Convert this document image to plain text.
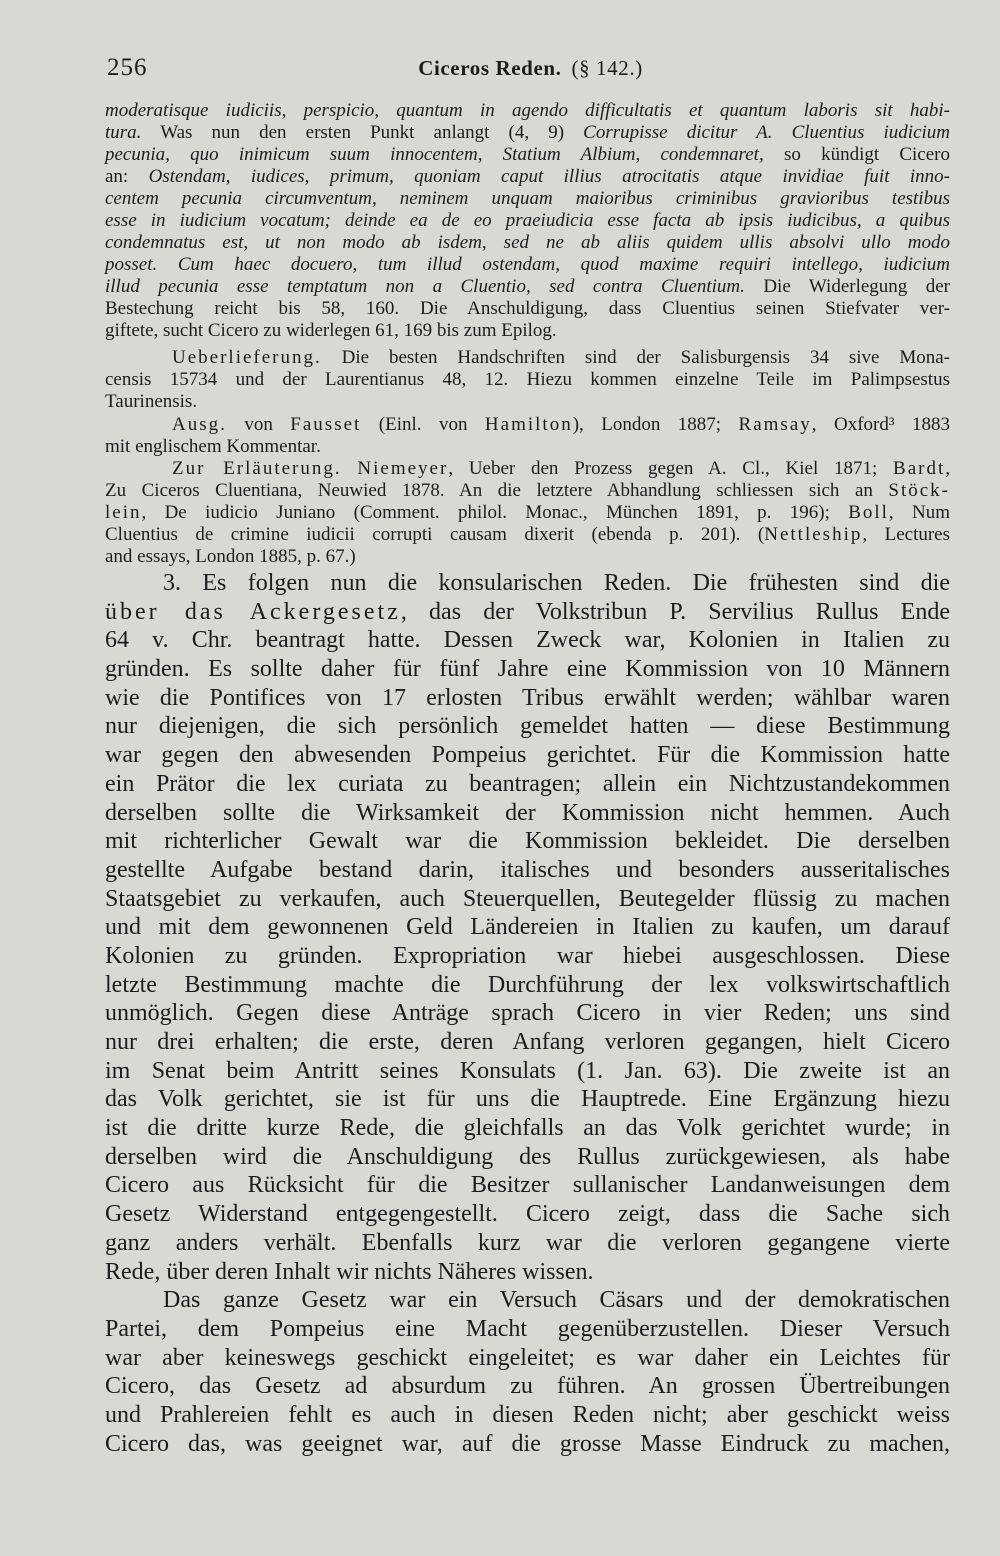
256	Ciceros Reden. (§ 142.)
moderatisque iudiciis, perspicio, quantum in agendo difficultatis et quantum laboris sit habi-
tura. Was nun den ersten Punkt anlangt (4, 9) Corrupisse dicitur A. Cluentius iudicium
pecunia, quo inimicum suum innocentem, Statium Albium, condemnaret, so kündigt Cicero
an: Ostendam, iudices, primum, quoniam caput illius atrocitatis atque invidiae fuit inno-
centem pecunia circumventum, neminem unquam maioribus criminibus gravioribus testibus
esse in iudicium vocatum; deinde ea de eo praeiudicia esse facta ab ipsis iudicibus, a quibus
condemnatus est, ut non modo ab isdem, sed ne ab aliis quidem ullis absolvi ullo modo
posset. Cum haec docuero, tum illud ostendam, quod maxime requiri intellego, iudicium
illud pecunia esse temptatum non a Cluentio, sed contra Cluentium. Die Widerlegung der
Bestechung reicht bis 58, 160. Die Anschuldigung, dass Cluentius seinen Stiefvater ver-
giftete, sucht Cicero zu widerlegen 61, 169 bis zum Epilog.
Ueberlieferung. Die besten Handschriften sind der Salisburgensis 34 sive Mona-
censis 15734 und der Laurentianus 48, 12. Hiezu kommen einzelne Teile im Palimpsestus
Taurinensis.
Ausg. von Fausset (Einl. von Hamilton), London 1887; Ramsay, Oxford³ 1883
mit englischem Kommentar.
Zur Erläuterung. Niemeyer, Ueber den Prozess gegen A. Cl., Kiel 1871; Bardt,
Zu Ciceros Cluentiana, Neuwied 1878. An die letztere Abhandlung schliessen sich an Stöck-
lein, De iudicio Juniano (Comment. philol. Monac., München 1891, p. 196); Boll, Num
Cluentius de crimine iudicii corrupti causam dixerit (ebenda p. 201). (Nettleship, Lectures
and essays, London 1885, p. 67.)
3. Es folgen nun die konsularischen Reden. Die frühesten sind die
über das Ackergesetz, das der Volkstribun P. Servilius Rullus Ende
64 v. Chr. beantragt hatte. Dessen Zweck war, Kolonien in Italien zu
gründen. Es sollte daher für fünf Jahre eine Kommission von 10 Männern
wie die Pontifices von 17 erlosten Tribus erwählt werden; wählbar waren
nur diejenigen, die sich persönlich gemeldet hatten — diese Bestimmung
war gegen den abwesenden Pompeius gerichtet. Für die Kommission hatte
ein Prätor die lex curiata zu beantragen; allein ein Nichtzustandekommen
derselben sollte die Wirksamkeit der Kommission nicht hemmen. Auch
mit richterlicher Gewalt war die Kommission bekleidet. Die derselben
gestellte Aufgabe bestand darin, italisches und besonders ausseritalisches
Staatsgebiet zu verkaufen, auch Steuerquellen, Beutegelder flüssig zu machen
und mit dem gewonnenen Geld Ländereien in Italien zu kaufen, um darauf
Kolonien zu gründen. Expropriation war hiebei ausgeschlossen. Diese
letzte Bestimmung machte die Durchführung der lex volkswirtschaftlich
unmöglich. Gegen diese Anträge sprach Cicero in vier Reden; uns sind
nur drei erhalten; die erste, deren Anfang verloren gegangen, hielt Cicero
im Senat beim Antritt seines Konsulats (1. Jan. 63). Die zweite ist an
das Volk gerichtet, sie ist für uns die Hauptrede. Eine Ergänzung hiezu
ist die dritte kurze Rede, die gleichfalls an das Volk gerichtet wurde; in
derselben wird die Anschuldigung des Rullus zurückgewiesen, als habe
Cicero aus Rücksicht für die Besitzer sullanischer Landanweisungen dem
Gesetz Widerstand entgegengestellt. Cicero zeigt, dass die Sache sich
ganz anders verhält. Ebenfalls kurz war die verloren gegangene vierte
Rede, über deren Inhalt wir nichts Näheres wissen.
Das ganze Gesetz war ein Versuch Cäsars und der demokratischen
Partei, dem Pompeius eine Macht gegenüberzustellen. Dieser Versuch
war aber keineswegs geschickt eingeleitet; es war daher ein Leichtes für
Cicero, das Gesetz ad absurdum zu führen. An grossen Übertreibungen
und Prahlereien fehlt es auch in diesen Reden nicht; aber geschickt weiss
Cicero das, was geeignet war, auf die grosse Masse Eindruck zu machen,
